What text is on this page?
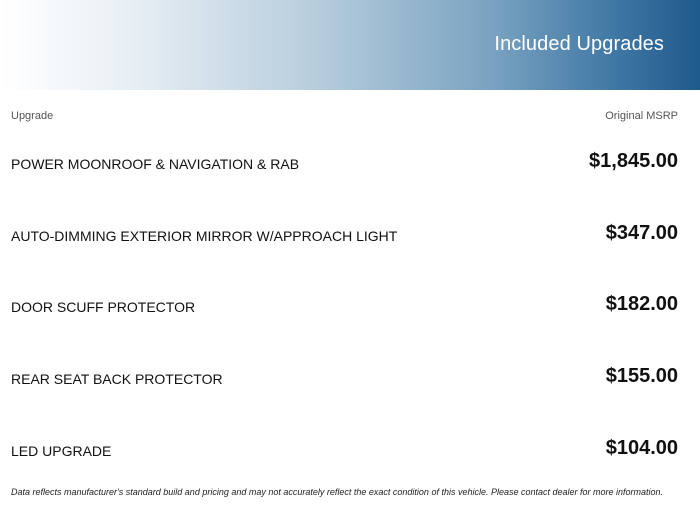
Included Upgrades
Upgrade	Original MSRP
POWER MOONROOF & NAVIGATION & RAB	$1,845.00
AUTO-DIMMING EXTERIOR MIRROR W/APPROACH LIGHT	$347.00
DOOR SCUFF PROTECTOR	$182.00
REAR SEAT BACK PROTECTOR	$155.00
LED UPGRADE	$104.00
Data reflects manufacturer's standard build and pricing and may not accurately reflect the exact condition of this vehicle. Please contact dealer for more information.
